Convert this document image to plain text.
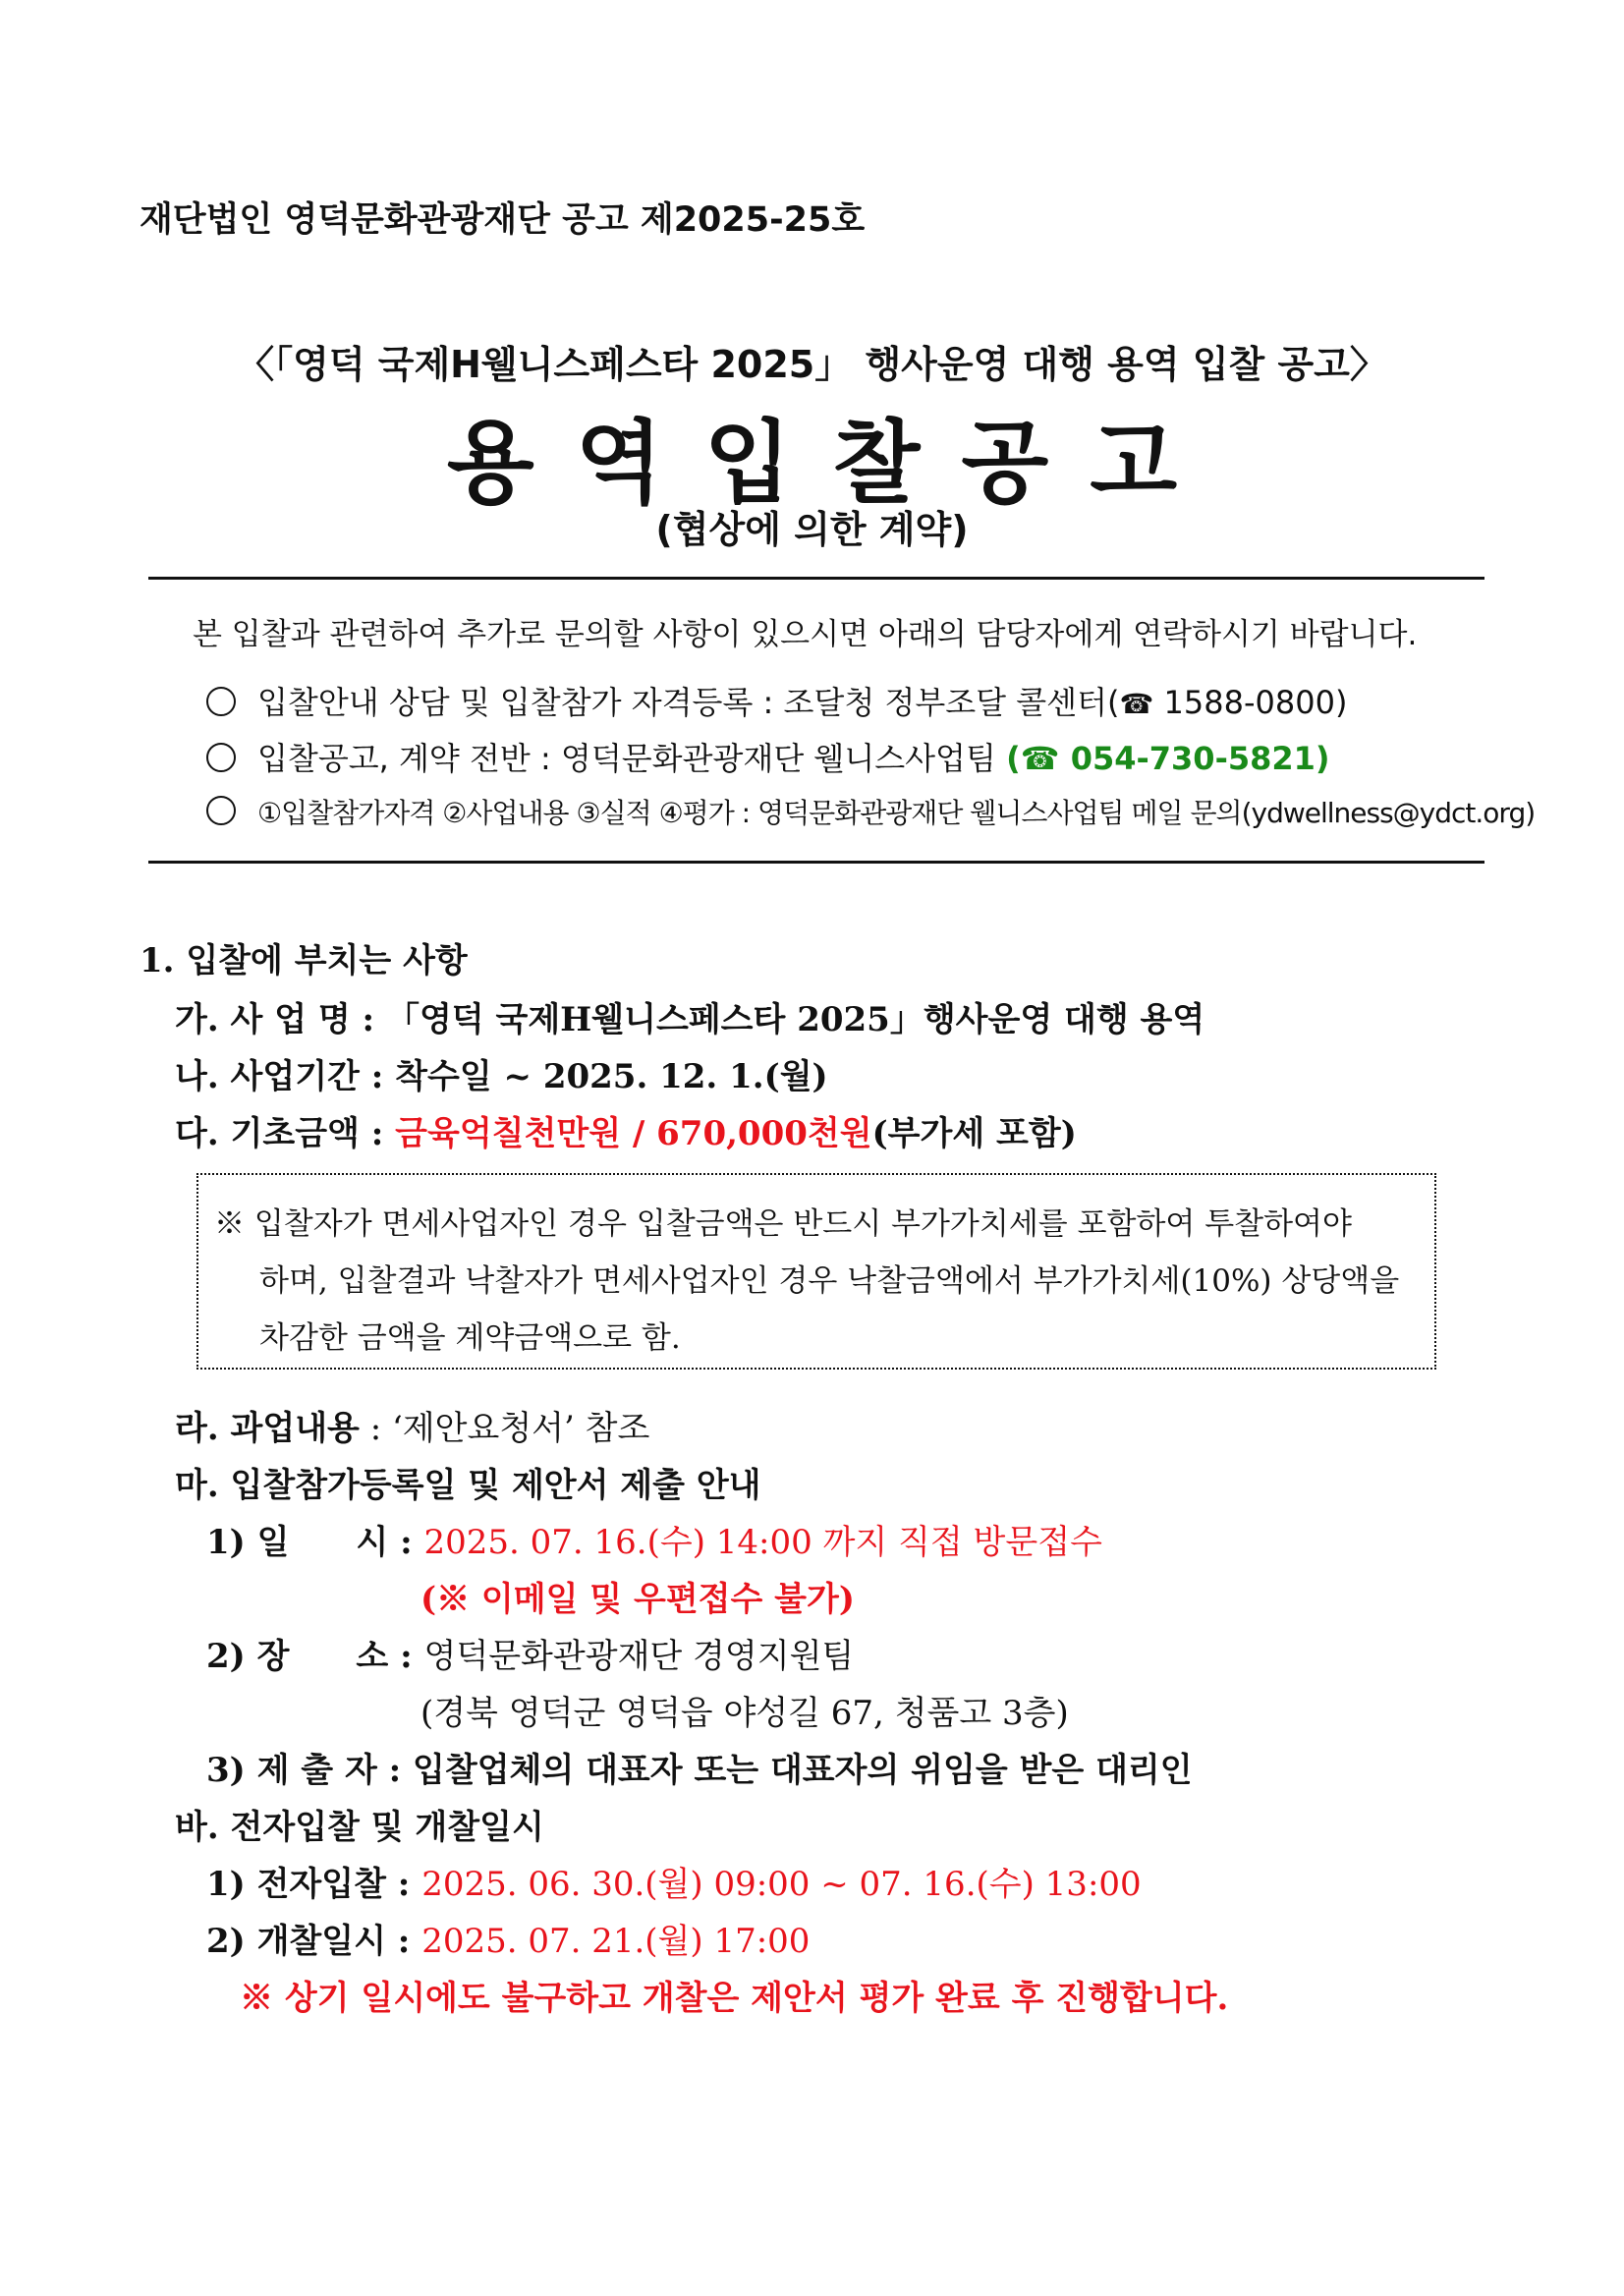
재단법인 영덕문화관광재단 공고 제2025-25호
〈「영덕 국제H웰니스페스타 2025」 행사운영 대행 용역 입찰 공고〉
용역입찰공고
(협상에 의한 계약)
본 입찰과 관련하여 추가로 문의할 사항이 있으시면 아래의 담당자에게 연락하시기 바랍니다.
입찰안내 상담 및 입찰참가 자격등록 : 조달청 정부조달 콜센터(☎ 1588-0800)
입찰공고, 계약 전반 : 영덕문화관광재단 웰니스사업팀 (☎ 054-730-5821)
①입찰참가자격 ②사업내용 ③실적 ④평가 : 영덕문화관광재단 웰니스사업팀 메일 문의(ydwellness@ydct.org)
1. 입찰에 부치는 사항
가. 사 업 명 : 「영덕 국제H웰니스페스타 2025」행사운영 대행 용역
나. 사업기간 : 착수일 ~ 2025. 12. 1.(월)
다. 기초금액 : 금육억칠천만원 / 670,000천원(부가세 포함)
※ 입찰자가 면세사업자인 경우 입찰금액은 반드시 부가가치세를 포함하여 투찰하여야
하며, 입찰결과 낙찰자가 면세사업자인 경우 낙찰금액에서 부가가치세(10%) 상당액을
차감한 금액을 계약금액으로 함.
라. 과업내용 : ‘제안요청서’ 참조
마. 입찰참가등록일 및 제안서 제출 안내
1) 일　　시 : 2025. 07. 16.(수) 14:00 까지 직접 방문접수
(※ 이메일 및 우편접수 불가)
2) 장　　소 : 영덕문화관광재단 경영지원팀
(경북 영덕군 영덕읍 야성길 67, 청품고 3층)
3) 제 출 자 : 입찰업체의 대표자 또는 대표자의 위임을 받은 대리인
바. 전자입찰 및 개찰일시
1) 전자입찰 : 2025. 06. 30.(월) 09:00 ~ 07. 16.(수) 13:00
2) 개찰일시 : 2025. 07. 21.(월) 17:00
※ 상기 일시에도 불구하고 개찰은 제안서 평가 완료 후 진행합니다.
